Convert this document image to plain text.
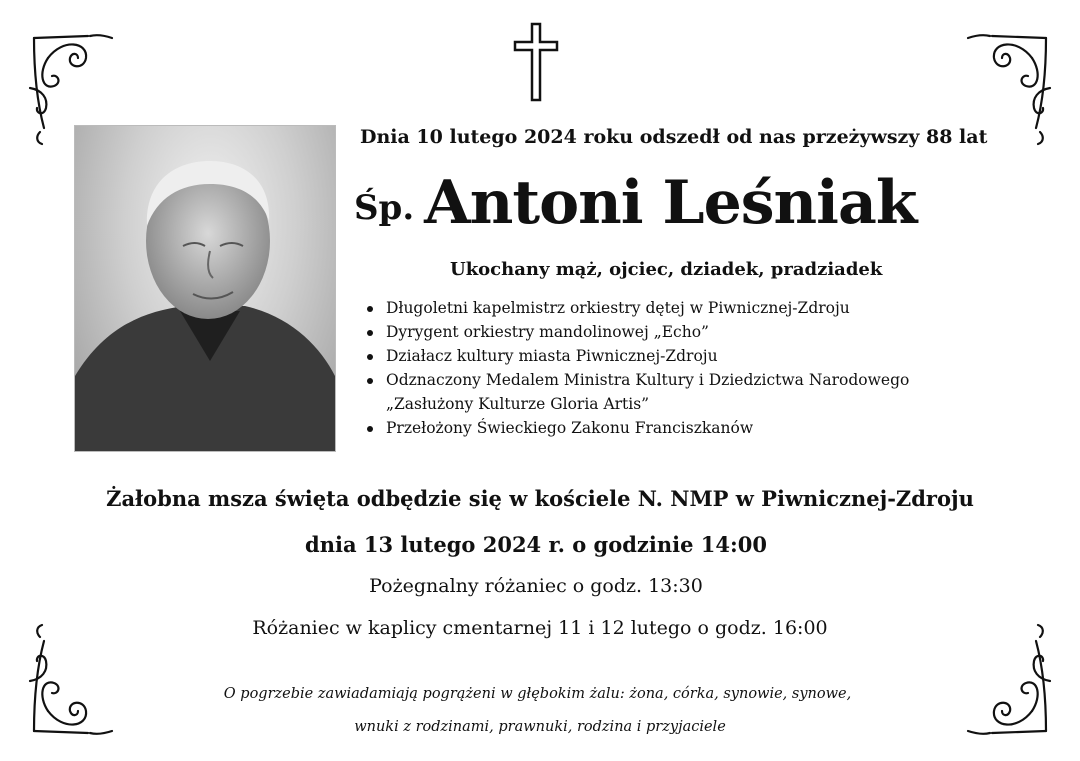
Dnia 10 lutego 2024 roku odszedł od nas przeżywszy 88 lat
Śp. Antoni Leśniak
Ukochany mąż, ojciec, dziadek, pradziadek
Długoletni kapelmistrz orkiestry dętej w Piwnicznej-Zdroju
Dyrygent orkiestry mandolinowej „Echo”
Działacz kultury miasta Piwnicznej-Zdroju
Odznaczony Medalem Ministra Kultury i Dziedzictwa Narodowego
„Zasłużony Kulturze Gloria Artis”
Przełożony Świeckiego Zakonu Franciszkanów
Żałobna msza święta odbędzie się w kościele N. NMP w Piwnicznej-Zdroju
dnia 13 lutego 2024 r. o godzinie 14:00
Pożegnalny różaniec o godz. 13:30
Różaniec w kaplicy cmentarnej 11 i 12 lutego o godz. 16:00
O pogrzebie zawiadamiają pogrążeni w głębokim żalu: żona, córka, synowie, synowe,
wnuki z rodzinami, prawnuki, rodzina i przyjaciele
